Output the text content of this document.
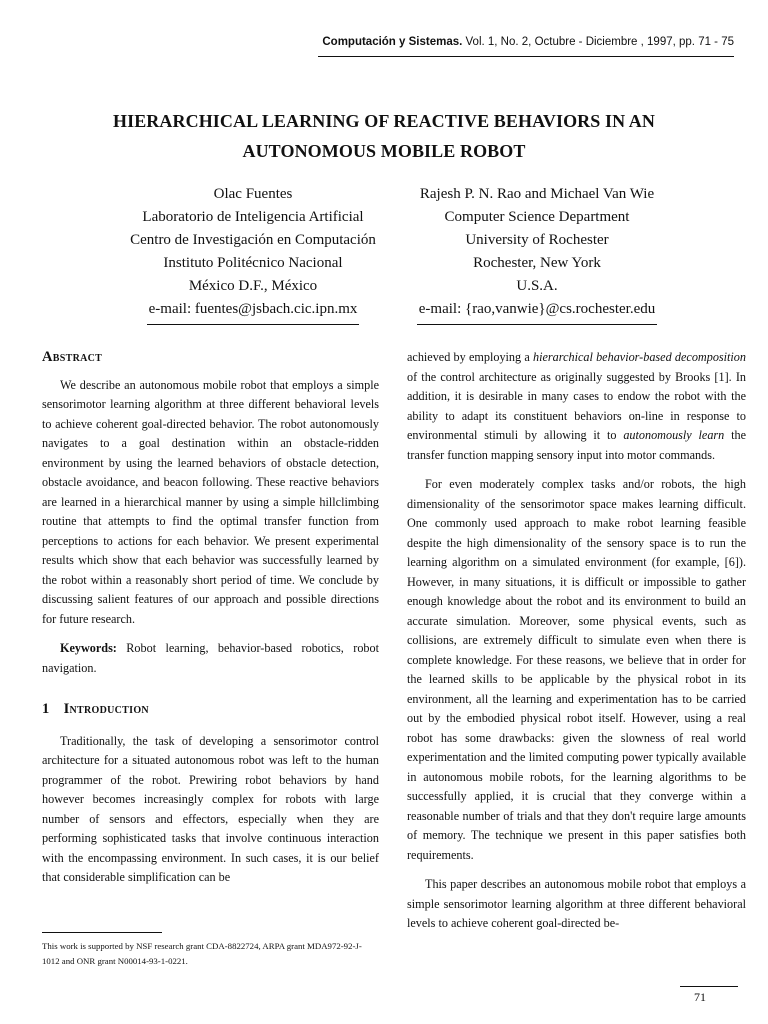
Computación y Sistemas. Vol. 1, No. 2, Octubre - Diciembre , 1997, pp. 71 - 75
HIERARCHICAL LEARNING OF REACTIVE BEHAVIORS IN AN
AUTONOMOUS MOBILE ROBOT
Olac Fuentes
Laboratorio de Inteligencia Artificial
Centro de Investigación en Computación
Instituto Politécnico Nacional
México D.F., México
e-mail: fuentes@jsbach.cic.ipn.mx
Rajesh P. N. Rao and Michael Van Wie
Computer Science Department
University of Rochester
Rochester, New York
U.S.A.
e-mail: {rao,vanwie}@cs.rochester.edu
Abstract

We describe an autonomous mobile robot that employs a simple sensorimotor learning algorithm at three different behavioral levels to achieve coherent goal-directed behavior. The robot autonomously navigates to a goal destination within an obstacle-ridden environment by using the learned behaviors of obstacle detection, obstacle avoidance, and beacon following. These reactive behaviors are learned in a hierarchical manner by using a simple hillclimbing routine that attempts to find the optimal transfer function from perceptions to actions for each behavior. We present experimental results which show that each behavior was successfully learned by the robot within a reasonably short period of time. We conclude by discussing salient features of our approach and possible directions for future research.

Keywords: Robot learning, behavior-based robotics, robot navigation.

1 Introduction

Traditionally, the task of developing a sensorimotor control architecture for a situated autonomous robot was left to the human programmer of the robot. Prewiring robot behaviors by hand however becomes increasingly complex for robots with large number of sensors and effectors, especially when they are performing sophisticated tasks that involve continuous interaction with the encompassing environment. In such cases, it is our belief that considerable simplification can be

This work is supported by NSF research grant CDA-8822724, ARPA grant MDA972-92-J-1012 and ONR grant N00014-93-1-0221.

achieved by employing a hierarchical behavior-based decomposition of the control architecture as originally suggested by Brooks [1]. In addition, it is desirable in many cases to endow the robot with the ability to adapt its constituent behaviors on-line in response to environmental stimuli by allowing it to autonomously learn the transfer function mapping sensory input into motor commands.

For even moderately complex tasks and/or robots, the high dimensionality of the sensorimotor space makes learning difficult. One commonly used approach to make robot learning feasible despite the high dimensionality of the sensory space is to run the learning algorithm on a simulated environment (for example, [6]). However, in many situations, it is difficult or impossible to gather enough knowledge about the robot and its environment to build an accurate simulation. Moreover, some physical events, such as collisions, are extremely difficult to simulate even when there is complete knowledge. For these reasons, we believe that in order for the learned skills to be applicable by the physical robot in its environment, all the learning and experimentation has to be carried out by the embodied physical robot itself. However, using a real robot has some drawbacks: given the slowness of real world experimentation and the limited computing power typically available in autonomous mobile robots, for the learning algorithms to be successfully applied, it is crucial that they converge within a reasonable number of trials and that they don't require large amounts of memory. The technique we present in this paper satisfies both requirements.

This paper describes an autonomous mobile robot that employs a simple sensorimotor learning algorithm at three different behavioral levels to achieve coherent goal-directed be-

71
